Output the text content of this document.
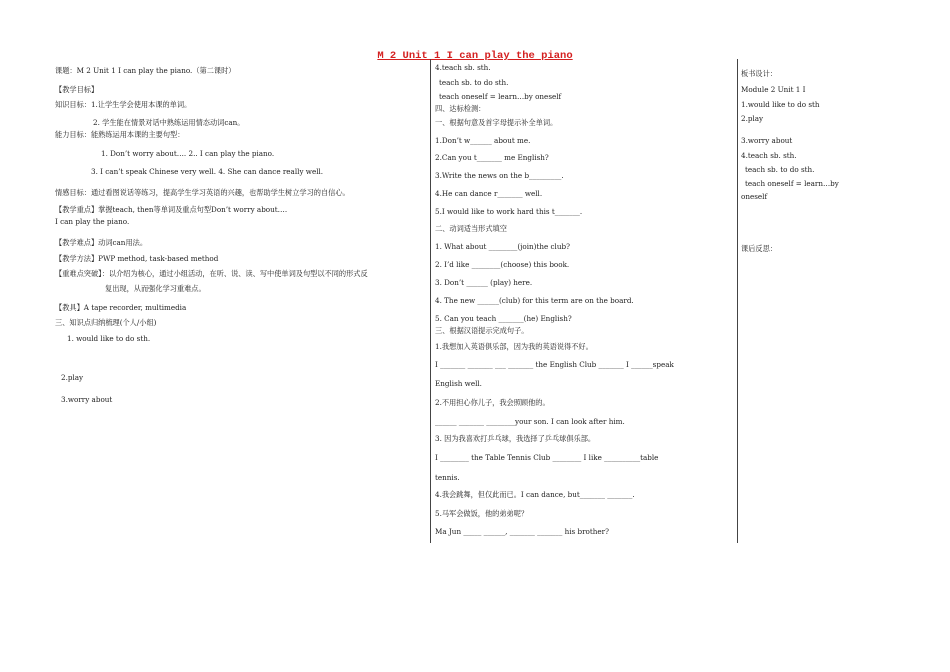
M 2 Unit 1 I can play the piano
课题：M 2 Unit 1 I can play the piano.（第二课时）
【教学目标】
知识目标：1.让学生学会使用本课的单词。
2. 学生能在情景对话中熟练运用情态动词can。
能力目标：能熟练运用本课的主要句型：
1. Don’t worry about…. 2.. I can play the piano.
3. I can’t speak Chinese very well. 4. She can dance really well.
情感目标：通过看图说话等练习，提高学生学习英语的兴趣，也帮助学生树立学习的自信心。
【教学重点】掌握teach, then等单词及重点句型Don’t worry about….
I can play the piano.
【教学难点】动词can用法。
【教学方法】PWP method, task-based method
【重难点突破】：以介绍为核心，通过小组活动，在听、说、读、写中使单词及句型以不同的形式反
复出现，从而强化学习重难点。
【教具】A tape recorder, multimedia
三、知识点归纳梳理(个人/小组)
1. would like to do sth.
2.play
3.worry about
4.teach sb. sth.
teach sb. to do sth.
teach oneself = learn…by oneself
四、达标检测：
一、根据句意及首字母提示补全单词。
1.Don’t w______ about me.
2.Can you t_______ me English?
3.Write the news on the b_________.
4.He can dance r_______ well.
5.I would like to work hard this t_______.
二、动词适当形式填空
1. What about ________(join)the club?
2. I’d like ________(choose) this book.
3. Don’t ______ (play) here.
4. The new ______(club) for this term are on the board.
5. Can you teach _______(he) English?
三、根据汉语提示完成句子。
1.我想加入英语俱乐部，因为我的英语说得不好。
I _______ _______ ___ _______ the English Club _______ I ______speak
English well.
2.不用担心你儿子，我会照顾他的。
______ _______ ________your son. I can look after him.
3. 因为我喜欢打乒乓球，我选择了乒乓球俱乐部。
I ________ the Table Tennis Club ________ I like __________table
tennis.
4.我会跳舞，但仅此而已。I can dance, but_______ _______.
5.马军会做饭，他的弟弟呢？
Ma Jun _____ ______, _______ _______ his brother?
板书设计：
Module 2 Unit 1 I
1.would like to do sth
2.play
3.worry about
4.teach sb. sth.
teach sb. to do sth.
teach oneself = learn…by
oneself
课后反思：
